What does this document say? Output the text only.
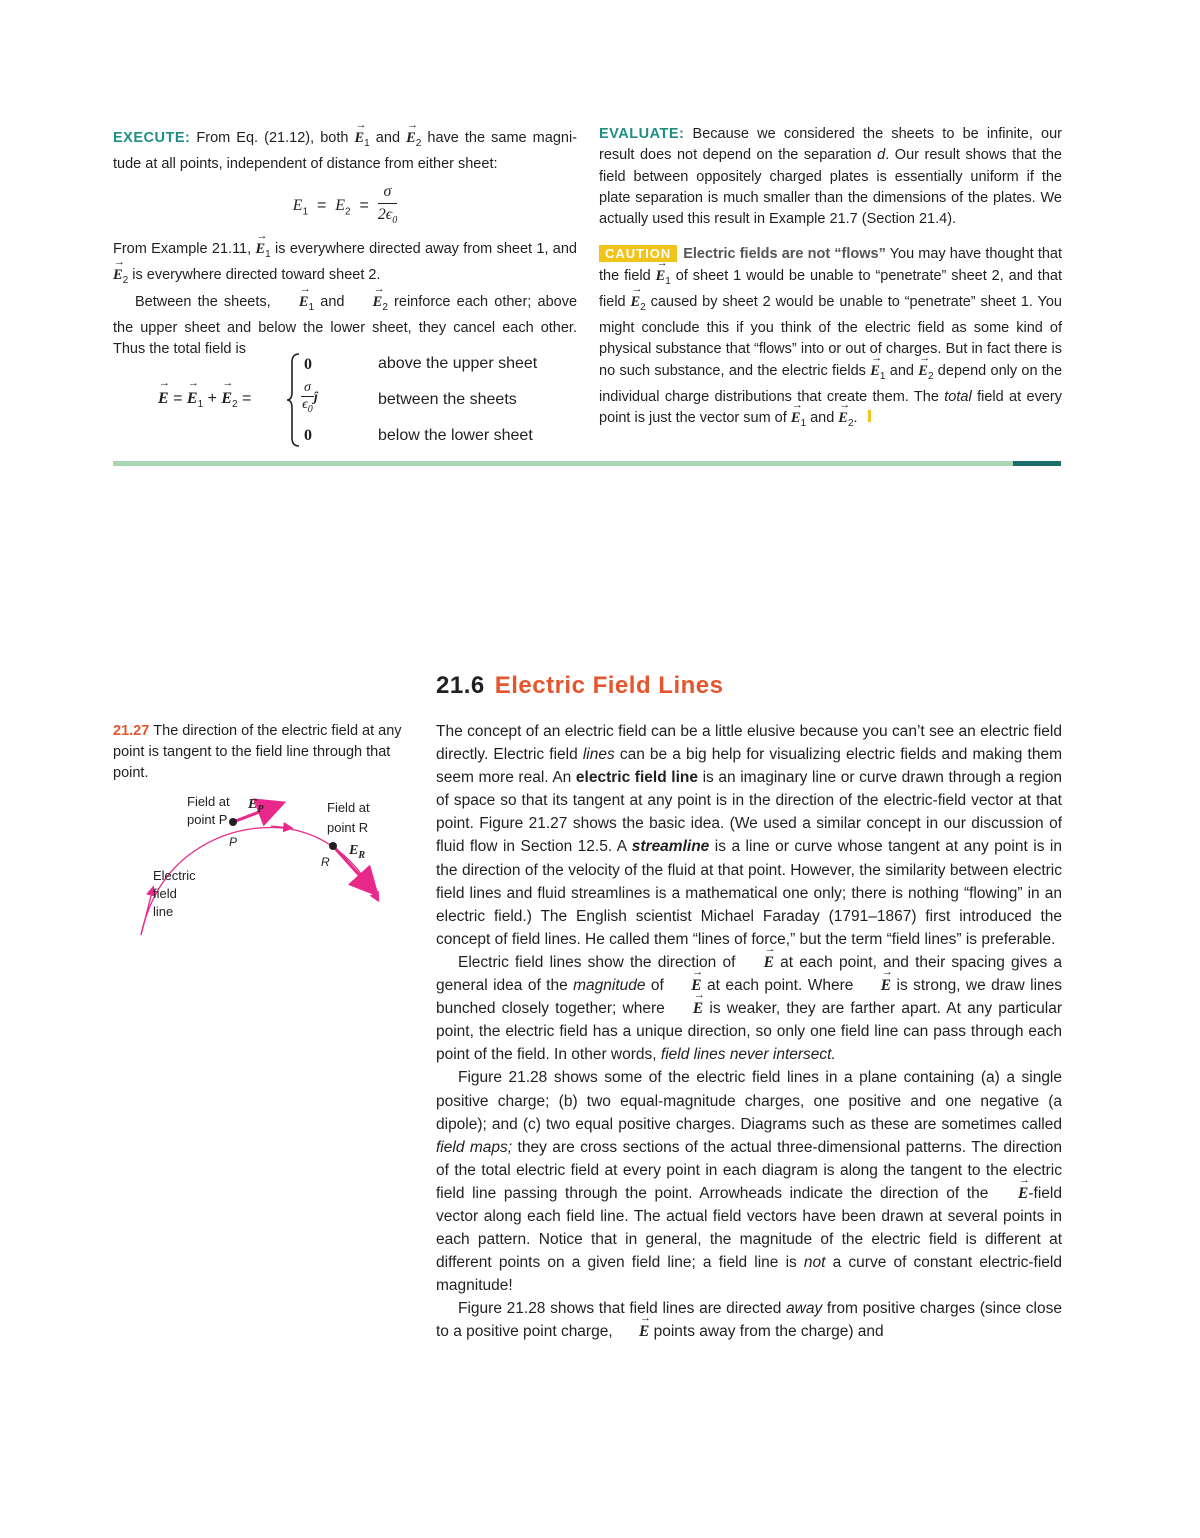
EXECUTE: From Eq. (21.12), both → $E_1$ and → $E_2$ have the same magni- tude at all points, independent of distance from either sheet:

$E_1 = E_2 = \frac{\sigma}{2\epsilon_0}$

From Example 21.11, → $E_1$ is everywhere directed away from sheet 1, and → $E_2$ is everywhere directed toward sheet 2.

Between the sheets, → $E_1$ and → $E_2$ reinforce each other; above the upper sheet and below the lower sheet, they cancel each other. Thus the total field is

→ E = → $E_1$ + → $E_2$ =
0	above the upper sheet
$\frac{\sigma}{\epsilon_0}$ ĵ	between the sheets
0	below the lower sheet

EVALUATE: Because we considered the sheets to be infinite, our result does not depend on the separation d. Our result shows that the field between oppositely charged plates is essentially uniform if the plate separation is much smaller than the dimensions of the plates. We actually used this result in Example 21.7 (Section 21.4).

CAUTION Electric fields are not “flows” You may have thought that the field → $E_1$ of sheet 1 would be unable to “penetrate” sheet 2, and that field → $E_2$ caused by sheet 2 would be unable to “penetrate” sheet 1. You might conclude this if you think of the electric field as some kind of physical substance that “flows” into or out of charges. But in fact there is no such substance, and the electric fields → $E_1$ and → $E_2$ depend only on the individual charge distributions that create them. The total field at every point is just the vector sum of → $E_1$ and → $E_2$.

21.6 Electric Field Lines
21.27 The direction of the electric field at any point is tangent to the field line through that point.
Field at
point P
$E_P$
P
Field at
point R
$E_R$
R
Electric
field
line

The concept of an electric field can be a little elusive because you can’t see an electric field directly. Electric field lines can be a big help for visualizing electric fields and making them seem more real. An electric field line is an imaginary line or curve drawn through a region of space so that its tangent at any point is in the direction of the electric-field vector at that point. Figure 21.27 shows the basic idea. (We used a similar concept in our discussion of fluid flow in Section 12.5. A streamline is a line or curve whose tangent at any point is in the direction of the velocity of the fluid at that point. However, the similarity between electric field lines and fluid streamlines is a mathematical one only; there is nothing “flowing” in an electric field.) The English scientist Michael Faraday (1791–1867) first introduced the concept of field lines. He called them “lines of force,” but the term “field lines” is preferable.

Electric field lines show the direction of → E at each point, and their spacing gives a general idea of the magnitude of → E at each point. Where → E is strong, we draw lines bunched closely together; where → E is weaker, they are farther apart. At any particular point, the electric field has a unique direction, so only one field line can pass through each point of the field. In other words, field lines never intersect.

Figure 21.28 shows some of the electric field lines in a plane containing (a) a single positive charge; (b) two equal-magnitude charges, one positive and one negative (a dipole); and (c) two equal positive charges. Diagrams such as these are sometimes called field maps; they are cross sections of the actual three-dimensional patterns. The direction of the total electric field at every point in each diagram is along the tangent to the electric field line passing through the point. Arrowheads indicate the direction of the → E-field vector along each field line. The actual field vectors have been drawn at several points in each pattern. Notice that in general, the magnitude of the electric field is different at different points on a given field line; a field line is not a curve of constant electric-field magnitude!

Figure 21.28 shows that field lines are directed away from positive charges (since close to a positive point charge, → E points away from the charge) and
